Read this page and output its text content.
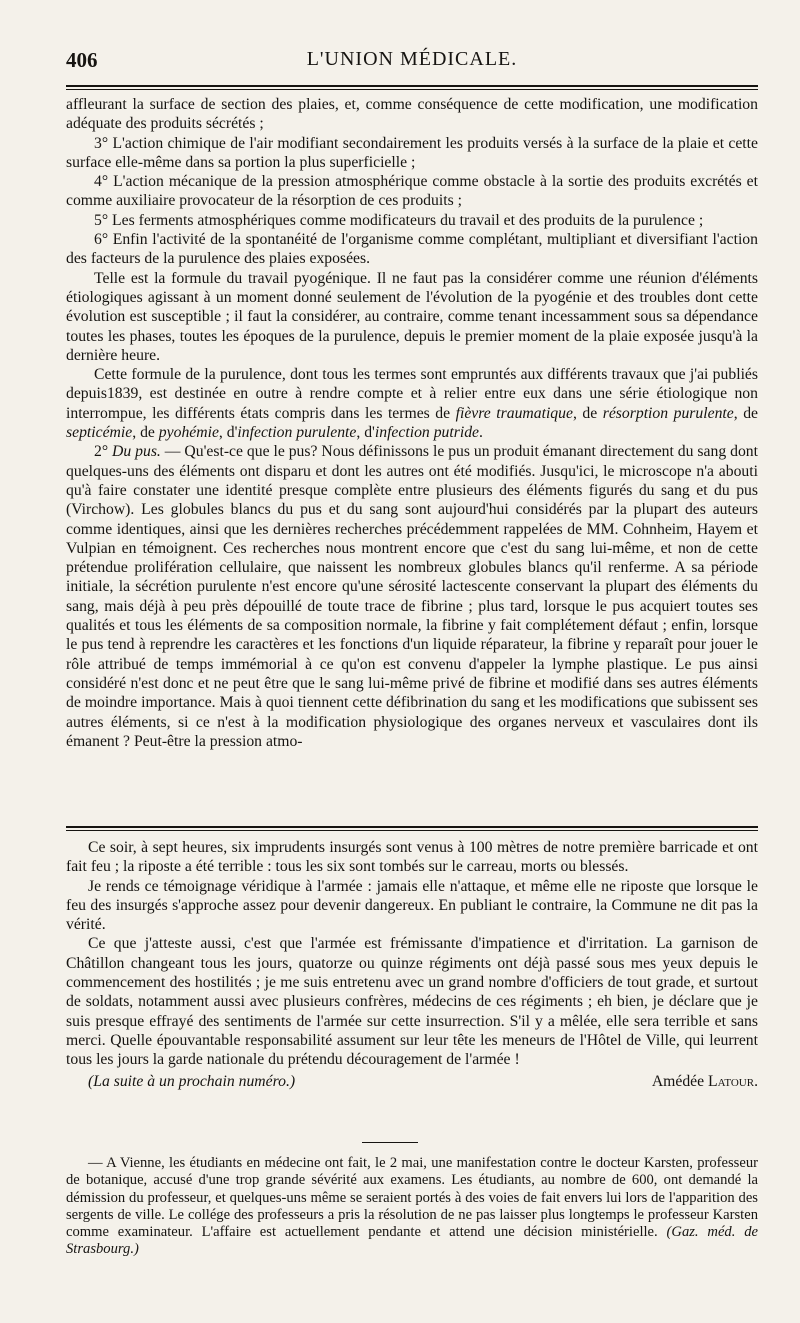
406	L'UNION MÉDICALE.

affleurant la surface de section des plaies, et, comme conséquence de cette modification, une modification adéquate des produits sécrétés ;

3° L'action chimique de l'air modifiant secondairement les produits versés à la surface de la plaie et cette surface elle-même dans sa portion la plus superficielle ;

4° L'action mécanique de la pression atmosphérique comme obstacle à la sortie des produits excrétés et comme auxiliaire provocateur de la résorption de ces produits ;

5° Les ferments atmosphériques comme modificateurs du travail et des produits de la purulence ;

6° Enfin l'activité de la spontanéité de l'organisme comme complétant, multipliant et diversifiant l'action des facteurs de la purulence des plaies exposées.

Telle est la formule du travail pyogénique. Il ne faut pas la considérer comme une réunion d'éléments étiologiques agissant à un moment donné seulement de l'évolution de la pyogénie et des troubles dont cette évolution est susceptible ; il faut la considérer, au contraire, comme tenant incessamment sous sa dépendance toutes les phases, toutes les époques de la purulence, depuis le premier moment de la plaie exposée jusqu'à la dernière heure.

Cette formule de la purulence, dont tous les termes sont empruntés aux différents travaux que j'ai publiés depuis1839, est destinée en outre à rendre compte et à relier entre eux dans une série étiologique non interrompue, les différents états compris dans les termes de fièvre traumatique, de résorption purulente, de septicémie, de pyohémie, d'infection purulente, d'infection putride.

2° Du pus. — Qu'est-ce que le pus? Nous définissons le pus un produit émanant directement du sang dont quelques-uns des éléments ont disparu et dont les autres ont été modifiés. Jusqu'ici, le microscope n'a abouti qu'à faire constater une identité presque complète entre plusieurs des éléments figurés du sang et du pus (Virchow). Les globules blancs du pus et du sang sont aujourd'hui considérés par la plupart des auteurs comme identiques, ainsi que les dernières recherches précédemment rappelées de MM. Cohnheim, Hayem et Vulpian en témoignent. Ces recherches nous montrent encore que c'est du sang lui-même, et non de cette prétendue prolifération cellulaire, que naissent les nombreux globules blancs qu'il renferme. A sa période initiale, la sécrétion purulente n'est encore qu'une sérosité lactescente conservant la plupart des éléments du sang, mais déjà à peu près dépouillé de toute trace de fibrine ; plus tard, lorsque le pus acquiert toutes ses qualités et tous les éléments de sa composition normale, la fibrine y fait complétement défaut ; enfin, lorsque le pus tend à reprendre les caractères et les fonctions d'un liquide réparateur, la fibrine y reparaît pour jouer le rôle attribué de temps immémorial à ce qu'on est convenu d'appeler la lymphe plastique. Le pus ainsi considéré n'est donc et ne peut être que le sang lui-même privé de fibrine et modifié dans ses autres éléments de moindre importance. Mais à quoi tiennent cette défibrination du sang et les modifications que subissent ses autres éléments, si ce n'est à la modification physiologique des organes nerveux et vasculaires dont ils émanent ? Peut-être la pression atmo-

Ce soir, à sept heures, six imprudents insurgés sont venus à 100 mètres de notre première barricade et ont fait feu ; la riposte a été terrible : tous les six sont tombés sur le carreau, morts ou blessés.

Je rends ce témoignage véridique à l'armée : jamais elle n'attaque, et même elle ne riposte que lorsque le feu des insurgés s'approche assez pour devenir dangereux. En publiant le contraire, la Commune ne dit pas la vérité.

Ce que j'atteste aussi, c'est que l'armée est frémissante d'impatience et d'irritation. La garnison de Châtillon changeant tous les jours, quatorze ou quinze régiments ont déjà passé sous mes yeux depuis le commencement des hostilités ; je me suis entretenu avec un grand nombre d'officiers de tout grade, et surtout de soldats, notamment aussi avec plusieurs confrères, médecins de ces régiments ; eh bien, je déclare que je suis presque effrayé des sentiments de l'armée sur cette insurrection. S'il y a mêlée, elle sera terrible et sans merci. Quelle épouvantable responsabilité assument sur leur tête les meneurs de l'Hôtel de Ville, qui leurrent tous les jours la garde nationale du prétendu découragement de l'armée !

(La suite à un prochain numéro.)	Amédée Latour.

— A Vienne, les étudiants en médecine ont fait, le 2 mai, une manifestation contre le docteur Karsten, professeur de botanique, accusé d'une trop grande sévérité aux examens. Les étudiants, au nombre de 600, ont demandé la démission du professeur, et quelques-uns même se seraient portés à des voies de fait envers lui lors de l'apparition des sergents de ville. Le collége des professeurs a pris la résolution de ne pas laisser plus longtemps le professeur Karsten comme examinateur. L'affaire est actuellement pendante et attend une décision ministérielle. (Gaz. méd. de Strasbourg.)
